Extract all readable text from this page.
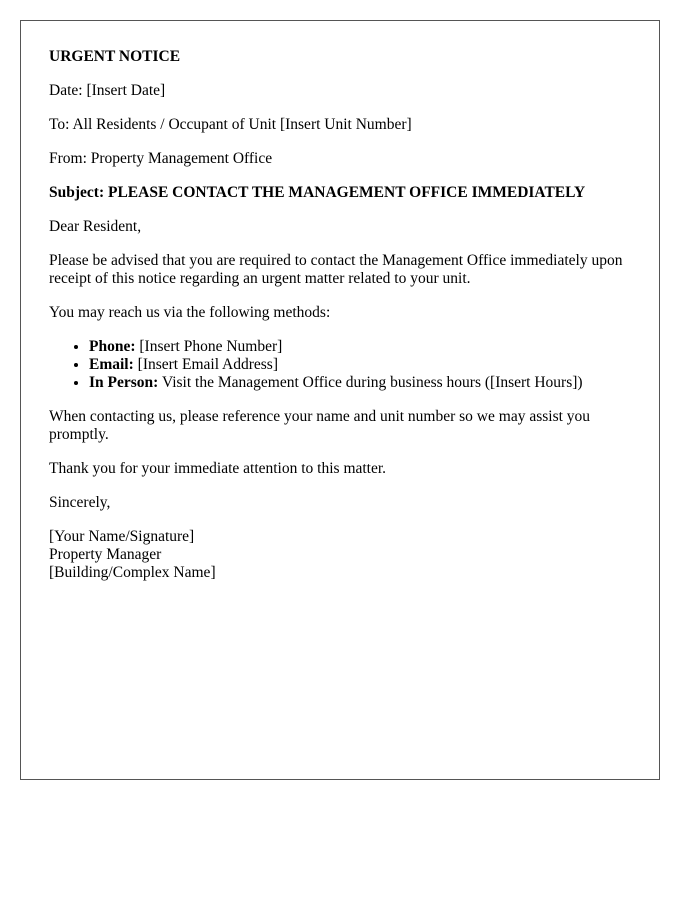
URGENT NOTICE

Date: [Insert Date]

To: All Residents / Occupant of Unit [Insert Unit Number]

From: Property Management Office

Subject: PLEASE CONTACT THE MANAGEMENT OFFICE IMMEDIATELY

Dear Resident,

Please be advised that you are required to contact the Management Office immediately upon receipt of this notice regarding an urgent matter related to your unit.

You may reach us via the following methods:

• Phone: [Insert Phone Number]
• Email: [Insert Email Address]
• In Person: Visit the Management Office during business hours ([Insert Hours])

When contacting us, please reference your name and unit number so we may assist you promptly.

Thank you for your immediate attention to this matter.

Sincerely,

[Your Name/Signature]
Property Manager
[Building/Complex Name]
